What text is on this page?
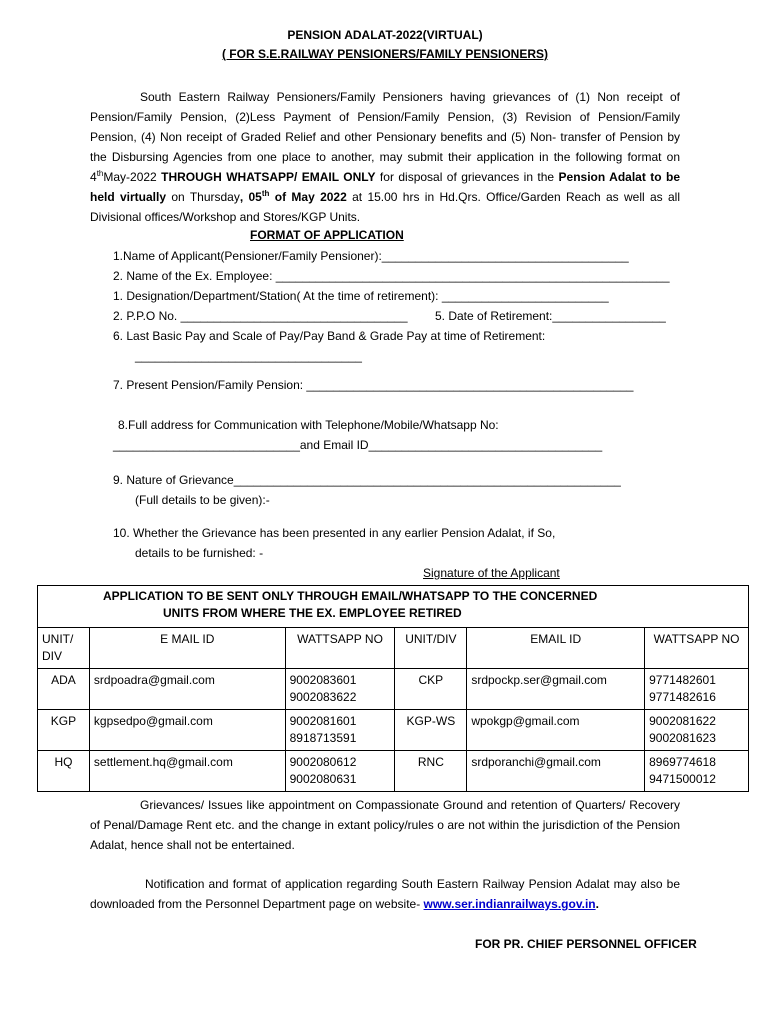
PENSION ADALAT-2022(VIRTUAL)
( FOR S.E.RAILWAY PENSIONERS/FAMILY PENSIONERS)
South Eastern Railway Pensioners/Family Pensioners having grievances of (1) Non receipt of Pension/Family Pension, (2)Less Payment of Pension/Family Pension, (3) Revision of Pension/Family Pension, (4) Non receipt of Graded Relief and other Pensionary benefits and (5) Non- transfer of Pension by the Disbursing Agencies from one place to another, may submit their application in the following format on 4thMay-2022 THROUGH WHATSAPP/ EMAIL ONLY for disposal of grievances in the Pension Adalat to be held virtually on Thursday, 05th of May 2022 at 15.00 hrs in Hd.Qrs. Office/Garden Reach as well as all Divisional offices/Workshop and Stores/KGP Units.
FORMAT OF APPLICATION
1.Name of Applicant(Pensioner/Family Pensioner):_____________________________________
2. Name of the Ex. Employee: ___________________________________________________________
1. Designation/Department/Station( At the time of retirement): _________________________
2. P.P.O No. __________________________________ 5. Date of Retirement:_________________
6. Last Basic Pay and Scale of Pay/Pay Band & Grade Pay at time of Retirement:
__________________________________
7. Present Pension/Family Pension: _________________________________________________
8.Full address for Communication with Telephone/Mobile/Whatsapp No:
____________________________and Email ID___________________________________
9. Nature of Grievance__________________________________________________________
(Full details to be given):-
10. Whether the Grievance has been presented in any earlier Pension Adalat, if So,
details to be furnished: -
Signature of the Applicant
APPLICATION TO BE SENT ONLY THROUGH EMAIL/WHATSAPP TO THE CONCERNED
UNITS FROM WHERE THE EX. EMPLOYEE RETIRED
UNIT/ DIV	E MAIL ID	WATTSAPP NO	UNIT/DIV	EMAIL ID	WATTSAPP NO
ADA	srdpoadra@gmail.com	9002083601 9002083622	CKP	srdpockp.ser@gmail.com	9771482601 9771482616
KGP	kgpsedpo@gmail.com	9002081601 8918713591	KGP-WS	wpokgp@gmail.com	9002081622 9002081623
HQ	settlement.hq@gmail.com	9002080612 9002080631	RNC	srdporanchi@gmail.com	8969774618 9471500012
Grievances/ Issues like appointment on Compassionate Ground and retention of Quarters/ Recovery of Penal/Damage Rent etc. and the change in extant policy/rules o are not within the jurisdiction of the Pension Adalat, hence shall not be entertained.
Notification and format of application regarding South Eastern Railway Pension Adalat may also be downloaded from the Personnel Department page on website- www.ser.indianrailways.gov.in.
FOR PR. CHIEF PERSONNEL OFFICER
